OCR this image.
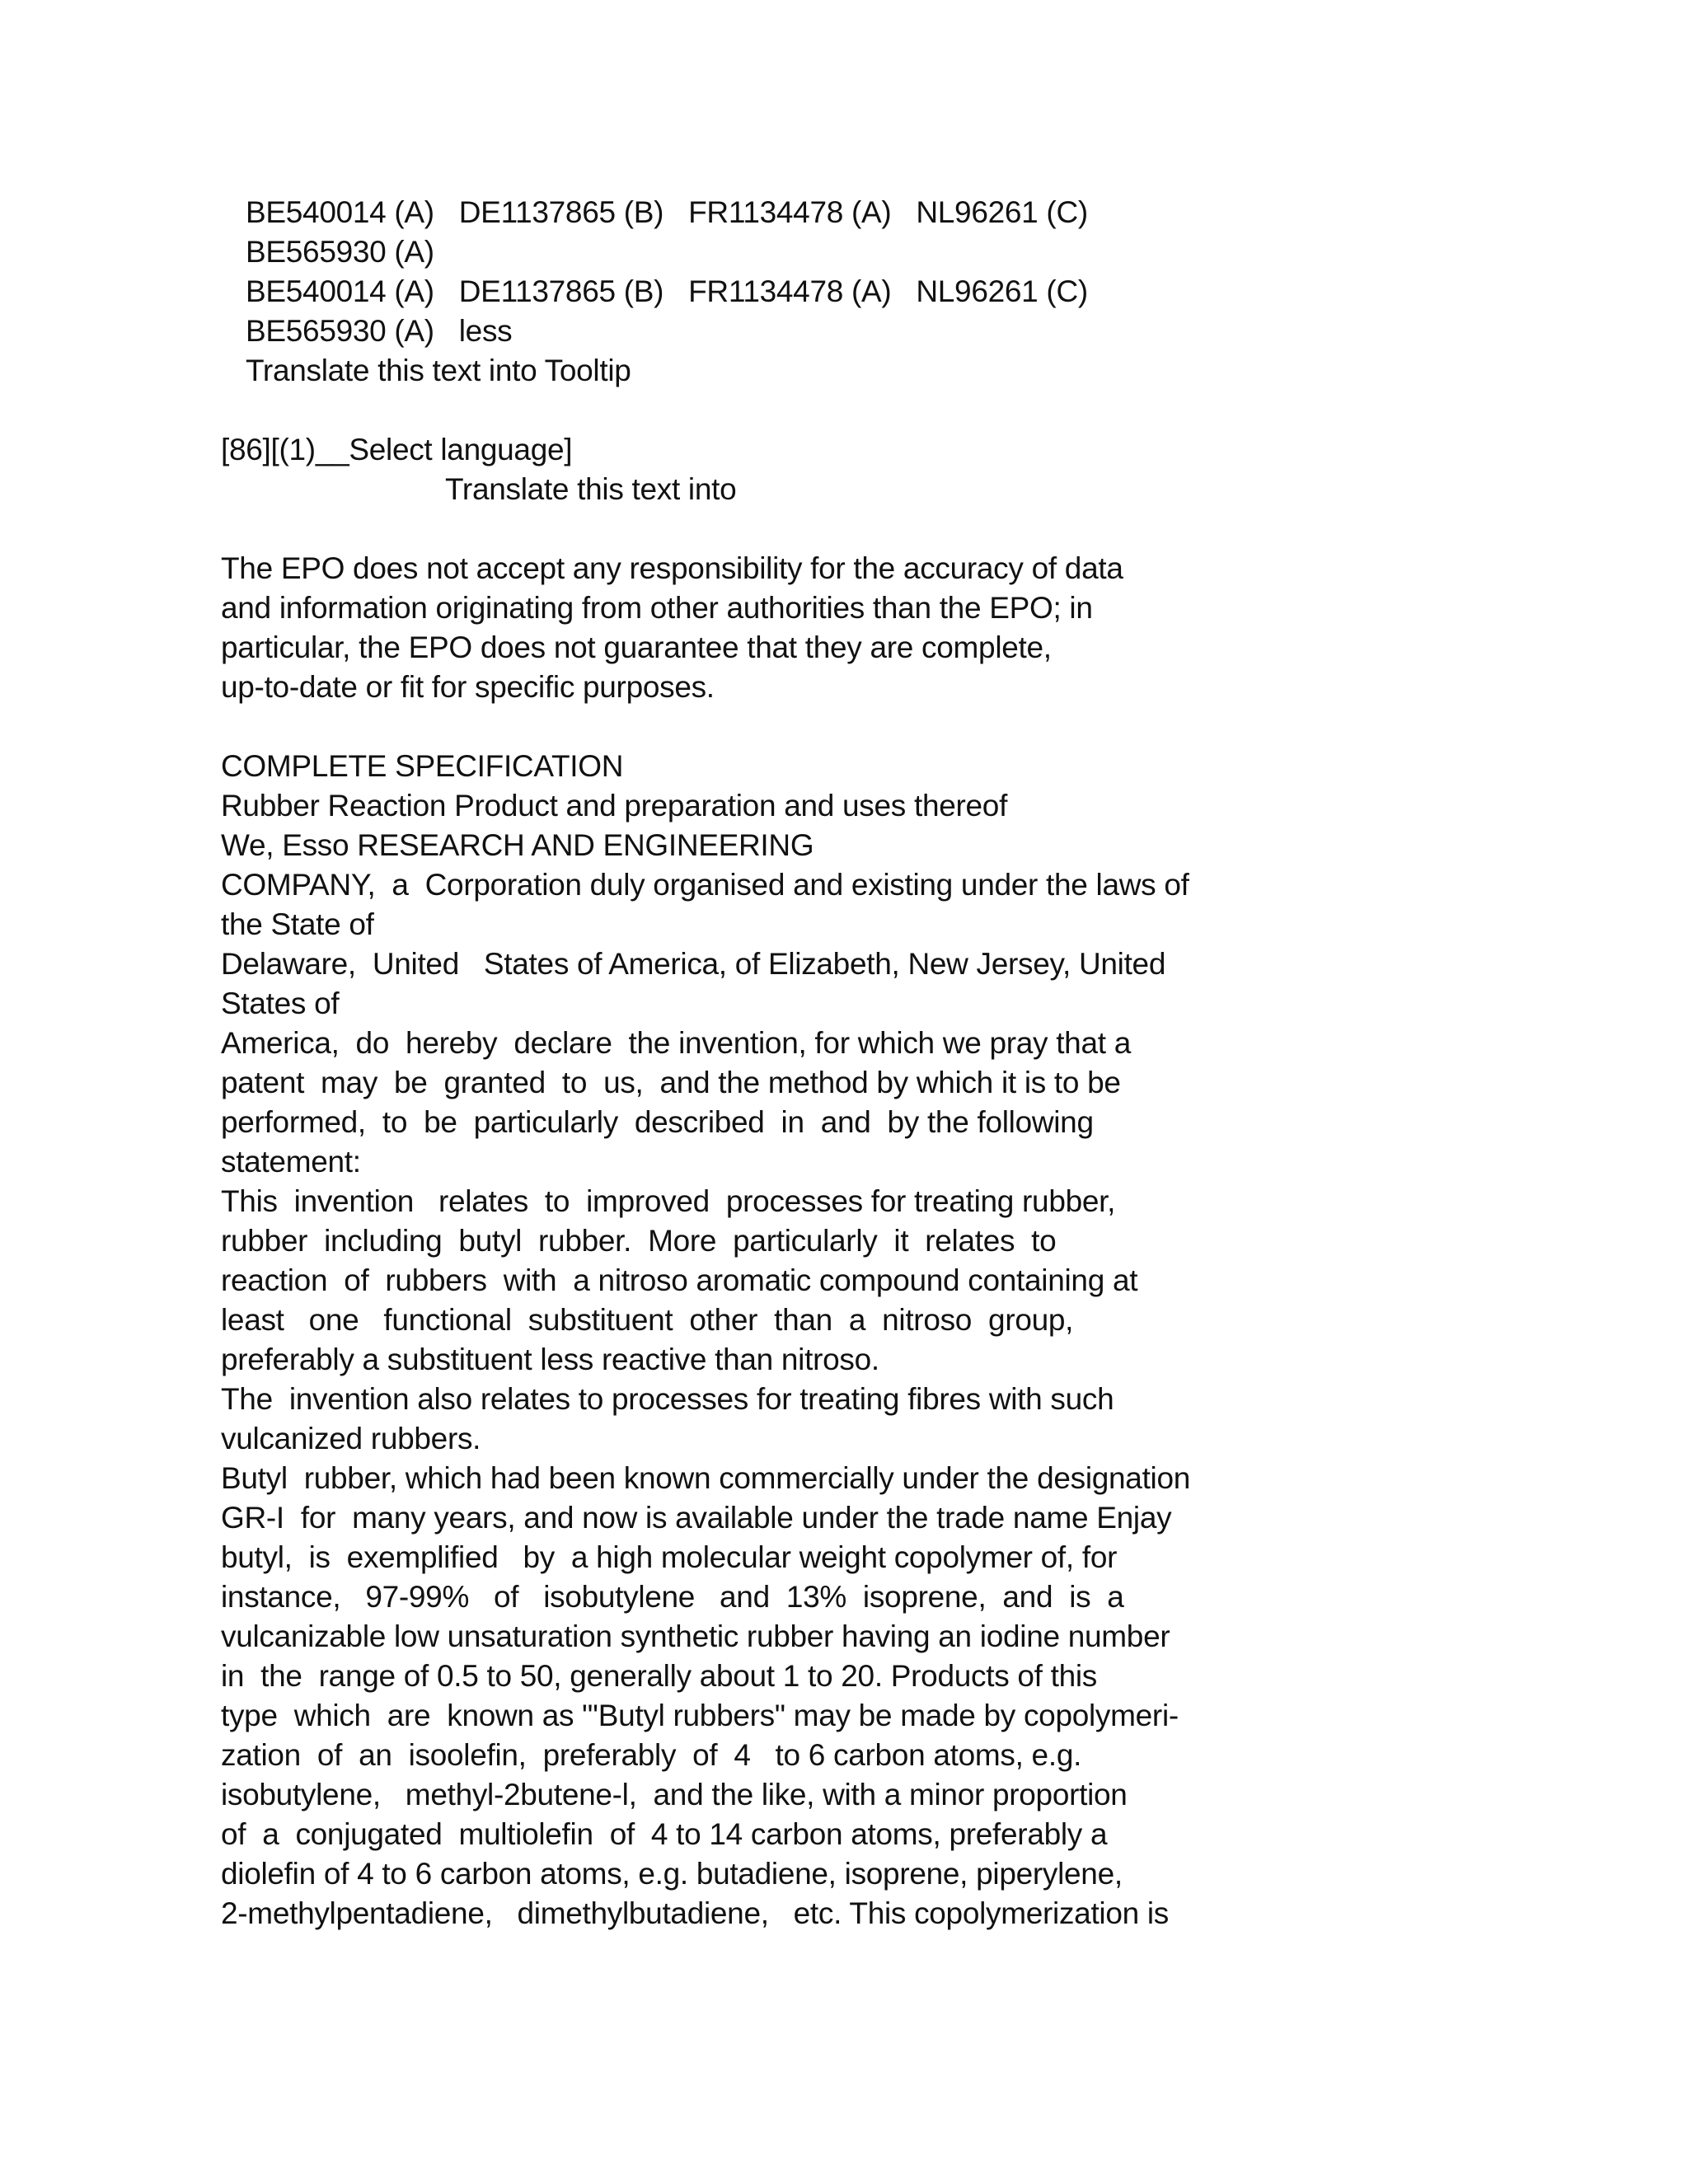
BE540014 (A)   DE1137865 (B)   FR1134478 (A)   NL96261 (C)
BE565930 (A)
BE540014 (A)   DE1137865 (B)   FR1134478 (A)   NL96261 (C)
BE565930 (A)   less
Translate this text into Tooltip
[86][(1)__Select language]
Translate this text into
The EPO does not accept any responsibility for the accuracy of data
and information originating from other authorities than the EPO; in
particular, the EPO does not guarantee that they are complete,
up-to-date or fit for specific purposes.
COMPLETE SPECIFICATION
Rubber Reaction Product and preparation and uses thereof
We, Esso RESEARCH AND ENGINEERING
COMPANY,  a  Corporation duly organised and existing under the laws of
the State of
Delaware,  United   States of America, of Elizabeth, New Jersey, United
States of
America,  do  hereby  declare  the invention, for which we pray that a
patent  may  be  granted  to  us,  and the method by which it is to be
performed,  to  be  particularly  described  in  and  by the following
statement:
This  invention   relates  to  improved  processes for treating rubber,
rubber  including  butyl  rubber.  More  particularly  it  relates  to
reaction  of  rubbers  with  a nitroso aromatic compound containing at
least   one   functional  substituent  other  than  a  nitroso  group,
preferably a substituent less reactive than nitroso.
The  invention also relates to processes for treating fibres with such
vulcanized rubbers.
Butyl  rubber, which had been known commercially under the designation
GR-I  for  many years, and now is available under the trade name Enjay
butyl,  is  exemplified   by  a high molecular weight copolymer of, for
instance,   97-99%   of   isobutylene   and  13%  isoprene,  and  is  a
vulcanizable low unsaturation synthetic rubber having an iodine number
in  the  range of 0.5 to 50, generally about 1 to 20. Products of this
type  which  are  known as "'Butyl rubbers" may be made by copolymeri-
zation  of  an  isoolefin,  preferably  of  4   to 6 carbon atoms, e.g.
isobutylene,   methyl-2butene-l,  and the like, with a minor proportion
of  a  conjugated  multiolefin  of  4 to 14 carbon atoms, preferably a
diolefin of 4 to 6 carbon atoms, e.g. butadiene, isoprene, piperylene,
2-methylpentadiene,   dimethylbutadiene,   etc. This copolymerization is
